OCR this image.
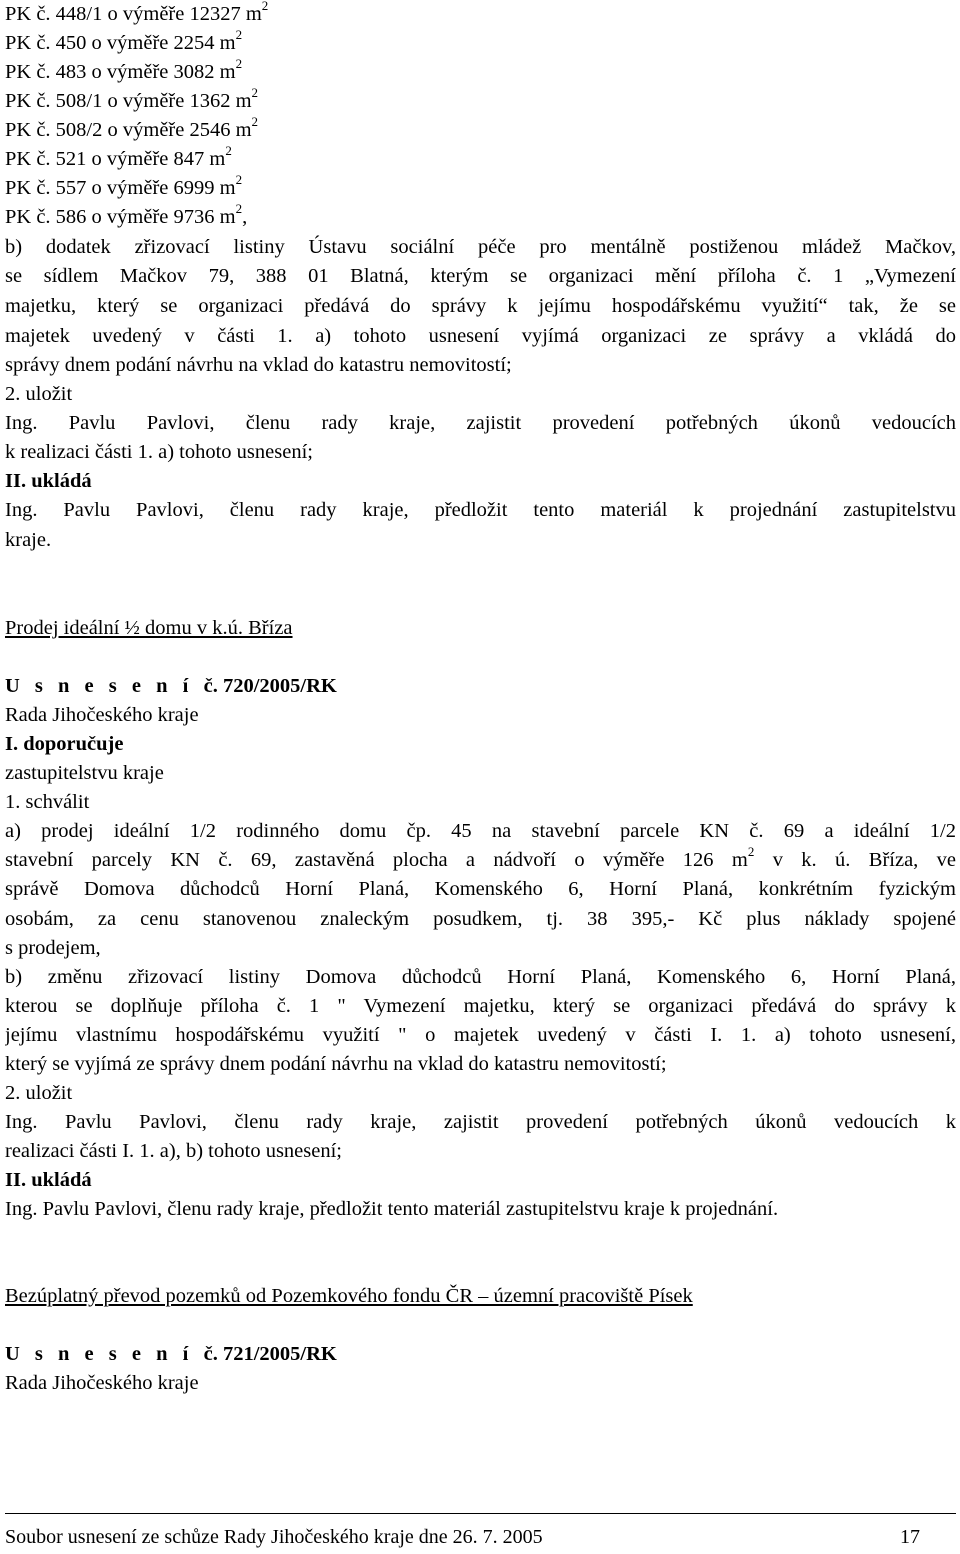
PK č. 448/1 o výměře 12327 $m^2$
PK č. 450 o výměře 2254 $m^2$
PK č. 483 o výměře 3082 $m^2$
PK č. 508/1 o výměře 1362 $m^2$
PK č. 508/2 o výměře 2546 $m^2$
PK č. 521 o výměře 847 $m^2$
PK č. 557 o výměře 6999 $m^2$
PK č. 586 o výměře 9736 $m^2$,
b) dodatek zřizovací listiny Ústavu sociální péče pro mentálně postiženou mládež Mačkov,
se sídlem Mačkov 79, 388 01 Blatná, kterým se organizaci mění příloha č. 1 „Vymezení
majetku, který se organizaci předává do správy k jejímu hospodářskému využití“ tak, že se
majetek uvedený v části 1. a) tohoto usnesení vyjímá organizaci ze správy a vkládá do
správy dnem podání návrhu na vklad do katastru nemovitostí;
2. uložit
Ing. Pavlu Pavlovi, členu rady kraje, zajistit provedení potřebných úkonů vedoucích
k realizaci části 1. a) tohoto usnesení;
II. ukládá
Ing. Pavlu Pavlovi, členu rady kraje, předložit tento materiál k projednání zastupitelstvu
kraje.
Prodej ideální ½ domu v k.ú. Bříza
U s n e s e n í č. 720/2005/RK
Rada Jihočeského kraje
I. doporučuje
zastupitelstvu kraje
1. schválit
a) prodej ideální 1/2 rodinného domu čp. 45 na stavební parcele KN č. 69 a ideální 1/2
stavební parcely KN č. 69, zastavěná plocha a nádvoří o výměře 126 $m^2$ v k. ú. Bříza, ve
správě Domova důchodců Horní Planá, Komenského 6, Horní Planá, konkrétním fyzickým
osobám, za cenu stanovenou znaleckým posudkem, tj. 38 395,- Kč plus náklady spojené
s prodejem,
b) změnu zřizovací listiny Domova důchodců Horní Planá, Komenského 6, Horní Planá,
kterou se doplňuje příloha č. 1 " Vymezení majetku, který se organizaci předává do správy k
jejímu vlastnímu hospodářskému využití " o majetek uvedený v části I. 1. a) tohoto usnesení,
který se vyjímá ze správy dnem podání návrhu na vklad do katastru nemovitostí;
2. uložit
Ing. Pavlu Pavlovi, členu rady kraje, zajistit provedení potřebných úkonů vedoucích k
realizaci části I. 1. a), b) tohoto usnesení;
II. ukládá
Ing. Pavlu Pavlovi, členu rady kraje, předložit tento materiál zastupitelstvu kraje k projednání.
Bezúplatný převod pozemků od Pozemkového fondu ČR – územní pracoviště Písek
U s n e s e n í č. 721/2005/RK
Rada Jihočeského kraje
Soubor usnesení ze schůze Rady Jihočeského kraje dne 26. 7. 2005	17
